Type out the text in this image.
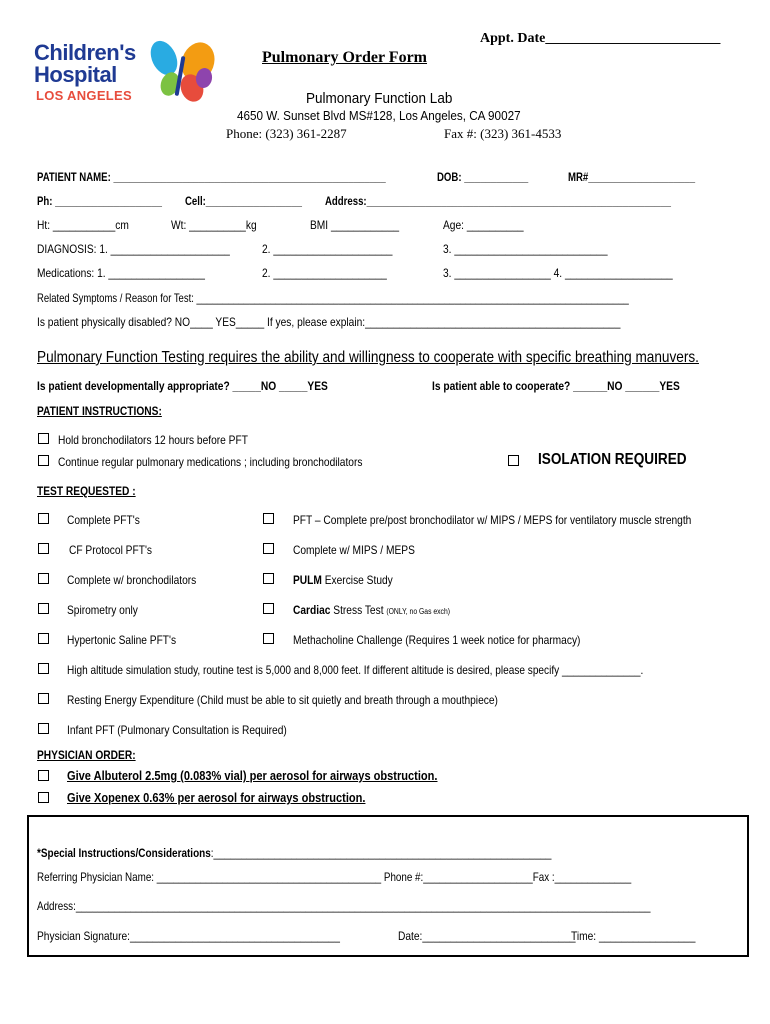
Children's
Hospital
LOS ANGELES
Appt. Date_________________________
Pulmonary Order Form
Pulmonary Function Lab
4650 W. Sunset Blvd MS#128, Los Angeles, CA 90027
Phone: (323) 361-2287	Fax #: (323) 361-4533
PATIENT NAME: ___________________________________________________	DOB: ____________	MR#____________________
Ph: ____________________ Cell:__________________ Address:_________________________________________________________
Ht: ___________cm	Wt: __________kg	BMI ____________	Age: __________
DIAGNOSIS: 1. _____________________	2. _____________________	3. ___________________________
Medications: 1. _________________	2. ____________________	3. _________________ 4. ___________________
Related Symptoms / Reason for Test: __________________________________________________________________________________
Is patient physically disabled? NO____ YES_____ If yes, please explain:_____________________________________________
Pulmonary Function Testing requires the ability and willingness to cooperate with specific breathing manuvers.
Is patient developmentally appropriate? _____NO _____YES	Is patient able to cooperate? ______NO ______YES
PATIENT INSTRUCTIONS:
Hold bronchodilators 12 hours before PFT
Continue regular pulmonary medications ; including bronchodilators	ISOLATION REQUIRED
TEST REQUESTED :
Complete PFT's	PFT – Complete pre/post bronchodilator w/ MIPS / MEPS for ventilatory muscle strength
CF Protocol PFT's	Complete w/ MIPS / MEPS
Complete w/ bronchodilators	PULM Exercise Study
Spirometry only	Cardiac Stress Test (ONLY, no Gas exch)
Hypertonic Saline PFT's	Methacholine Challenge (Requires 1 week notice for pharmacy)
High altitude simulation study, routine test is 5,000 and 8,000 feet. If different altitude is desired, please specify ______________.
Resting Energy Expenditure (Child must be able to sit quietly and breath through a mouthpiece)
Infant PFT (Pulmonary Consultation is Required)
PHYSICIAN ORDER:
Give Albuterol 2.5mg (0.083% vial) per aerosol for airways obstruction.
Give Xopenex 0.63% per aerosol for airways obstruction.
*Special Instructions/Considerations:_____________________________________________________________
Referring Physician Name: _________________________________________ Phone #:____________________Fax :______________
Address:_________________________________________________________________________________________________________
Physician Signature:_____________________________________	Date:___________________________
Time: _________________
